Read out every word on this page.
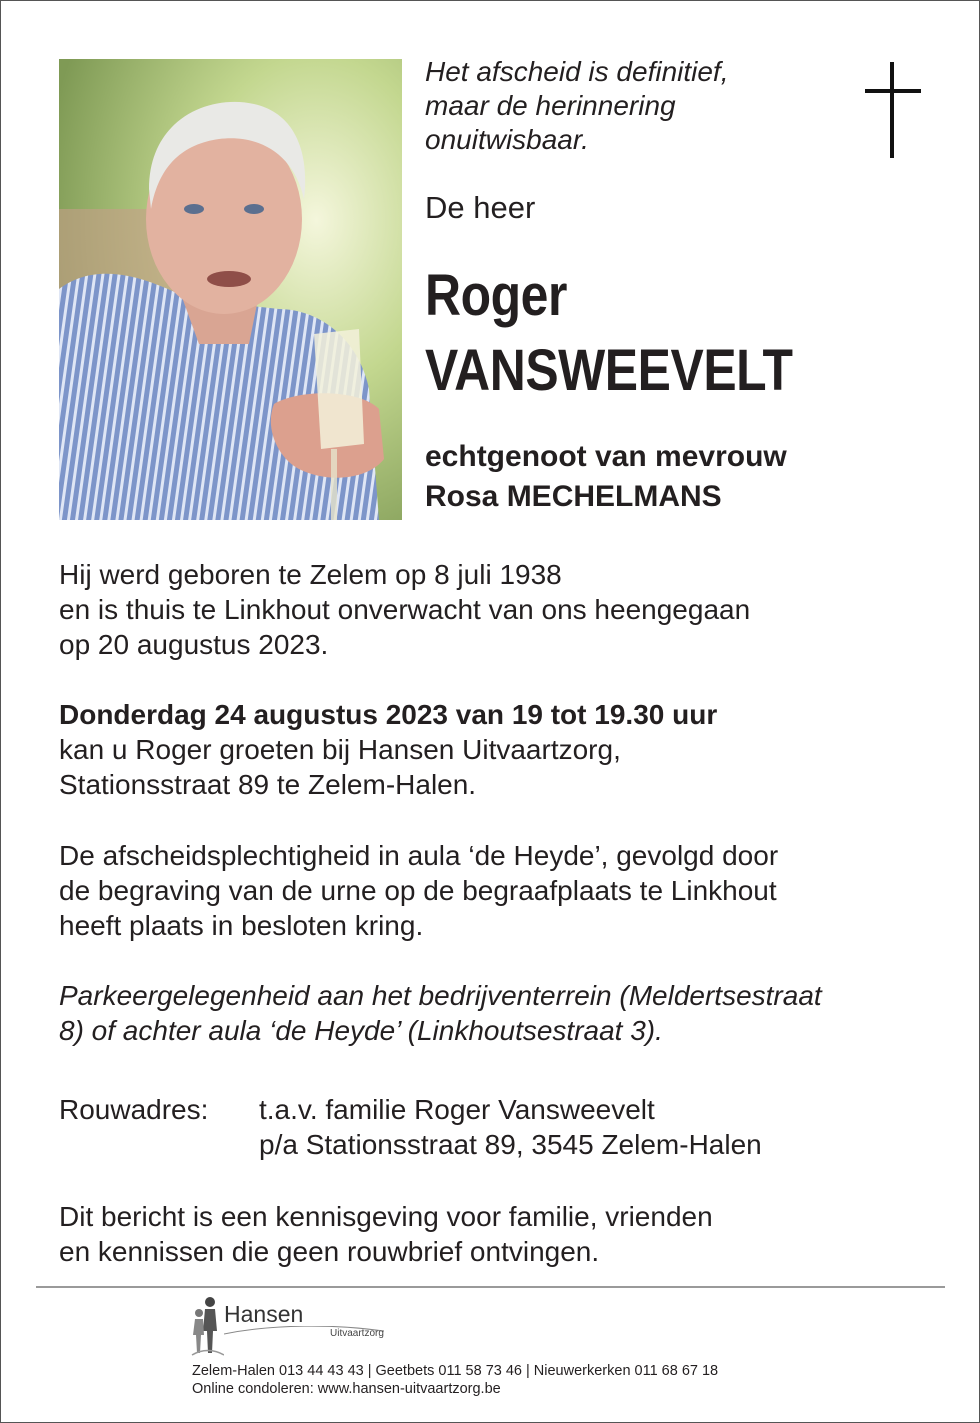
Het afscheid is definitief,
maar de herinnering
onuitwisbaar.
De heer
Roger
VANSWEEVELT
echtgenoot van mevrouw
Rosa MECHELMANS
Hij werd geboren te Zelem op 8 juli 1938
en is thuis te Linkhout onverwacht van ons heengegaan
op 20 augustus 2023.
Donderdag 24 augustus 2023 van 19 tot 19.30 uur
kan u Roger groeten bij Hansen Uitvaartzorg,
Stationsstraat 89 te Zelem-Halen.
De afscheidsplechtigheid in aula ‘de Heyde’, gevolgd door
de begraving van de urne op de begraafplaats te Linkhout
heeft plaats in besloten kring.
Parkeergelegenheid aan het bedrijventerrein (Meldertsestraat
8) of achter aula ‘de Heyde’ (Linkhoutsestraat 3).
Rouwadres: t.a.v. familie Roger Vansweevelt
p/a Stationsstraat 89, 3545 Zelem-Halen
Dit bericht is een kennisgeving voor familie, vrienden
en kennissen die geen rouwbrief ontvingen.
Hansen
Uitvaartzorg
Zelem-Halen 013 44 43 43 | Geetbets 011 58 73 46 | Nieuwerkerken 011 68 67 18
Online condoleren: www.hansen-uitvaartzorg.be
